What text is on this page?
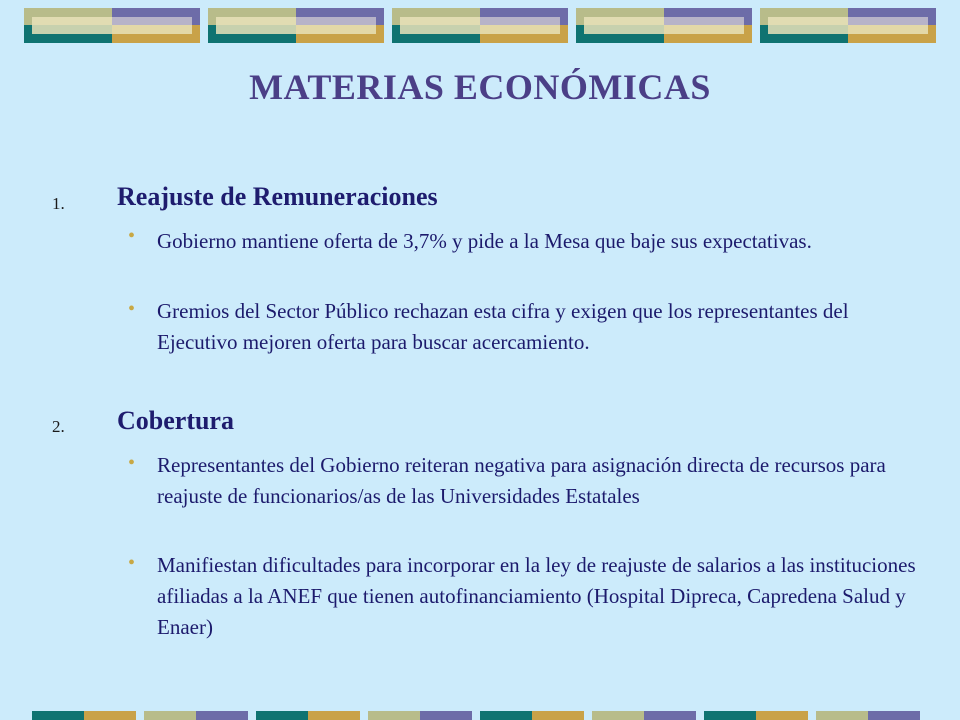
MATERIAS ECONÓMICAS
1. Reajuste de Remuneraciones
• Gobierno mantiene oferta de 3,7% y pide a la Mesa que baje sus expectativas.
• Gremios del Sector Público rechazan esta cifra y exigen que los representantes del Ejecutivo mejoren oferta para buscar acercamiento.
2. Cobertura
• Representantes del Gobierno reiteran negativa para asignación directa de recursos para reajuste de funcionarios/as de las Universidades Estatales
• Manifiestan dificultades para incorporar en la ley de reajuste de salarios a las instituciones afiliadas a la ANEF que tienen autofinanciamiento (Hospital Dipreca, Capredena Salud y Enaer)
